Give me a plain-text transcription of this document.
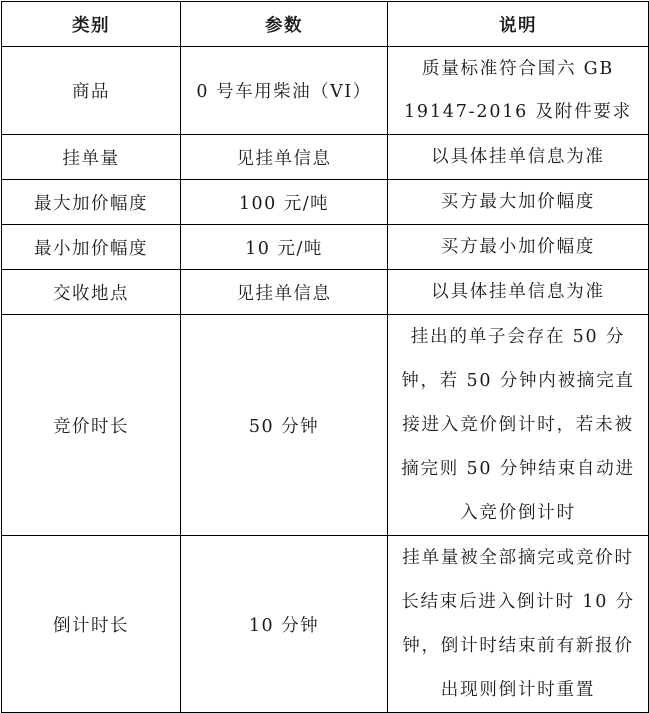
类别	参数	说明
商品	0 号车用柴油（VI）	质量标准符合国六 GB 19147-2016 及附件要求
挂单量	见挂单信息	以具体挂单信息为准
最大加价幅度	100 元/吨	买方最大加价幅度
最小加价幅度	10 元/吨	买方最小加价幅度
交收地点	见挂单信息	以具体挂单信息为准
竞价时长	50 分钟	挂出的单子会存在 50 分钟，若 50 分钟内被摘完直接进入竞价倒计时，若未被摘完则 50 分钟结束自动进入竞价倒计时
倒计时长	10 分钟	挂单量被全部摘完或竞价时长结束后进入倒计时 10 分钟，倒计时结束前有新报价出现则倒计时重置
